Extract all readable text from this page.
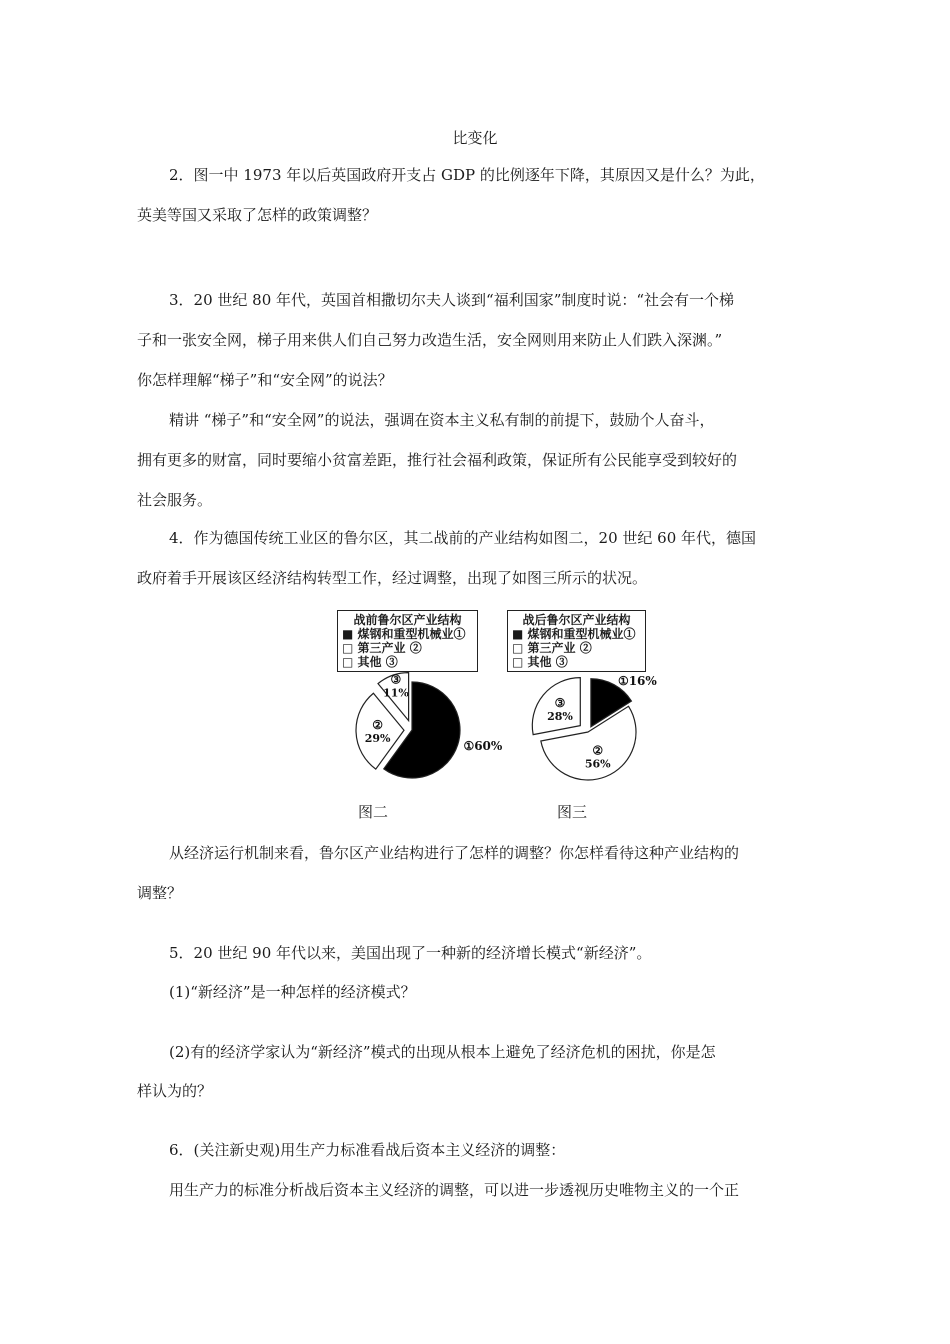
比变化
2．图一中 1973 年以后英国政府开支占 GDP 的比例逐年下降，其原因又是什么？为此，
英美等国又采取了怎样的政策调整？
3．20 世纪 80 年代，英国首相撒切尔夫人谈到“福利国家”制度时说：“社会有一个梯
子和一张安全网，梯子用来供人们自己努力改造生活，安全网则用来防止人们跌入深渊。”
你怎样理解“梯子”和“安全网”的说法？
精讲 “梯子”和“安全网”的说法，强调在资本主义私有制的前提下，鼓励个人奋斗，
拥有更多的财富，同时要缩小贫富差距，推行社会福利政策，保证所有公民能享受到较好的
社会服务。
4．作为德国传统工业区的鲁尔区，其二战前的产业结构如图二，20 世纪 60 年代，德国
政府着手开展该区经济结构转型工作，经过调整，出现了如图三所示的状况。
战前鲁尔区产业结构
■ 煤钢和重型机械业①
□ 第三产业 ②
□ 其他 ③
①60%
②
29%
③
11%
图二
战后鲁尔区产业结构
■ 煤钢和重型机械业①
□ 第三产业 ②
□ 其他 ③
①16%
②
56%
③
28%
图三
从经济运行机制来看，鲁尔区产业结构进行了怎样的调整？你怎样看待这种产业结构的
调整？
5．20 世纪 90 年代以来，美国出现了一种新的经济增长模式“新经济”。
(1)“新经济”是一种怎样的经济模式？
(2)有的经济学家认为“新经济”模式的出现从根本上避免了经济危机的困扰，你是怎
样认为的？
6．(关注新史观)用生产力标准看战后资本主义经济的调整：
用生产力的标准分析战后资本主义经济的调整，可以进一步透视历史唯物主义的一个正
